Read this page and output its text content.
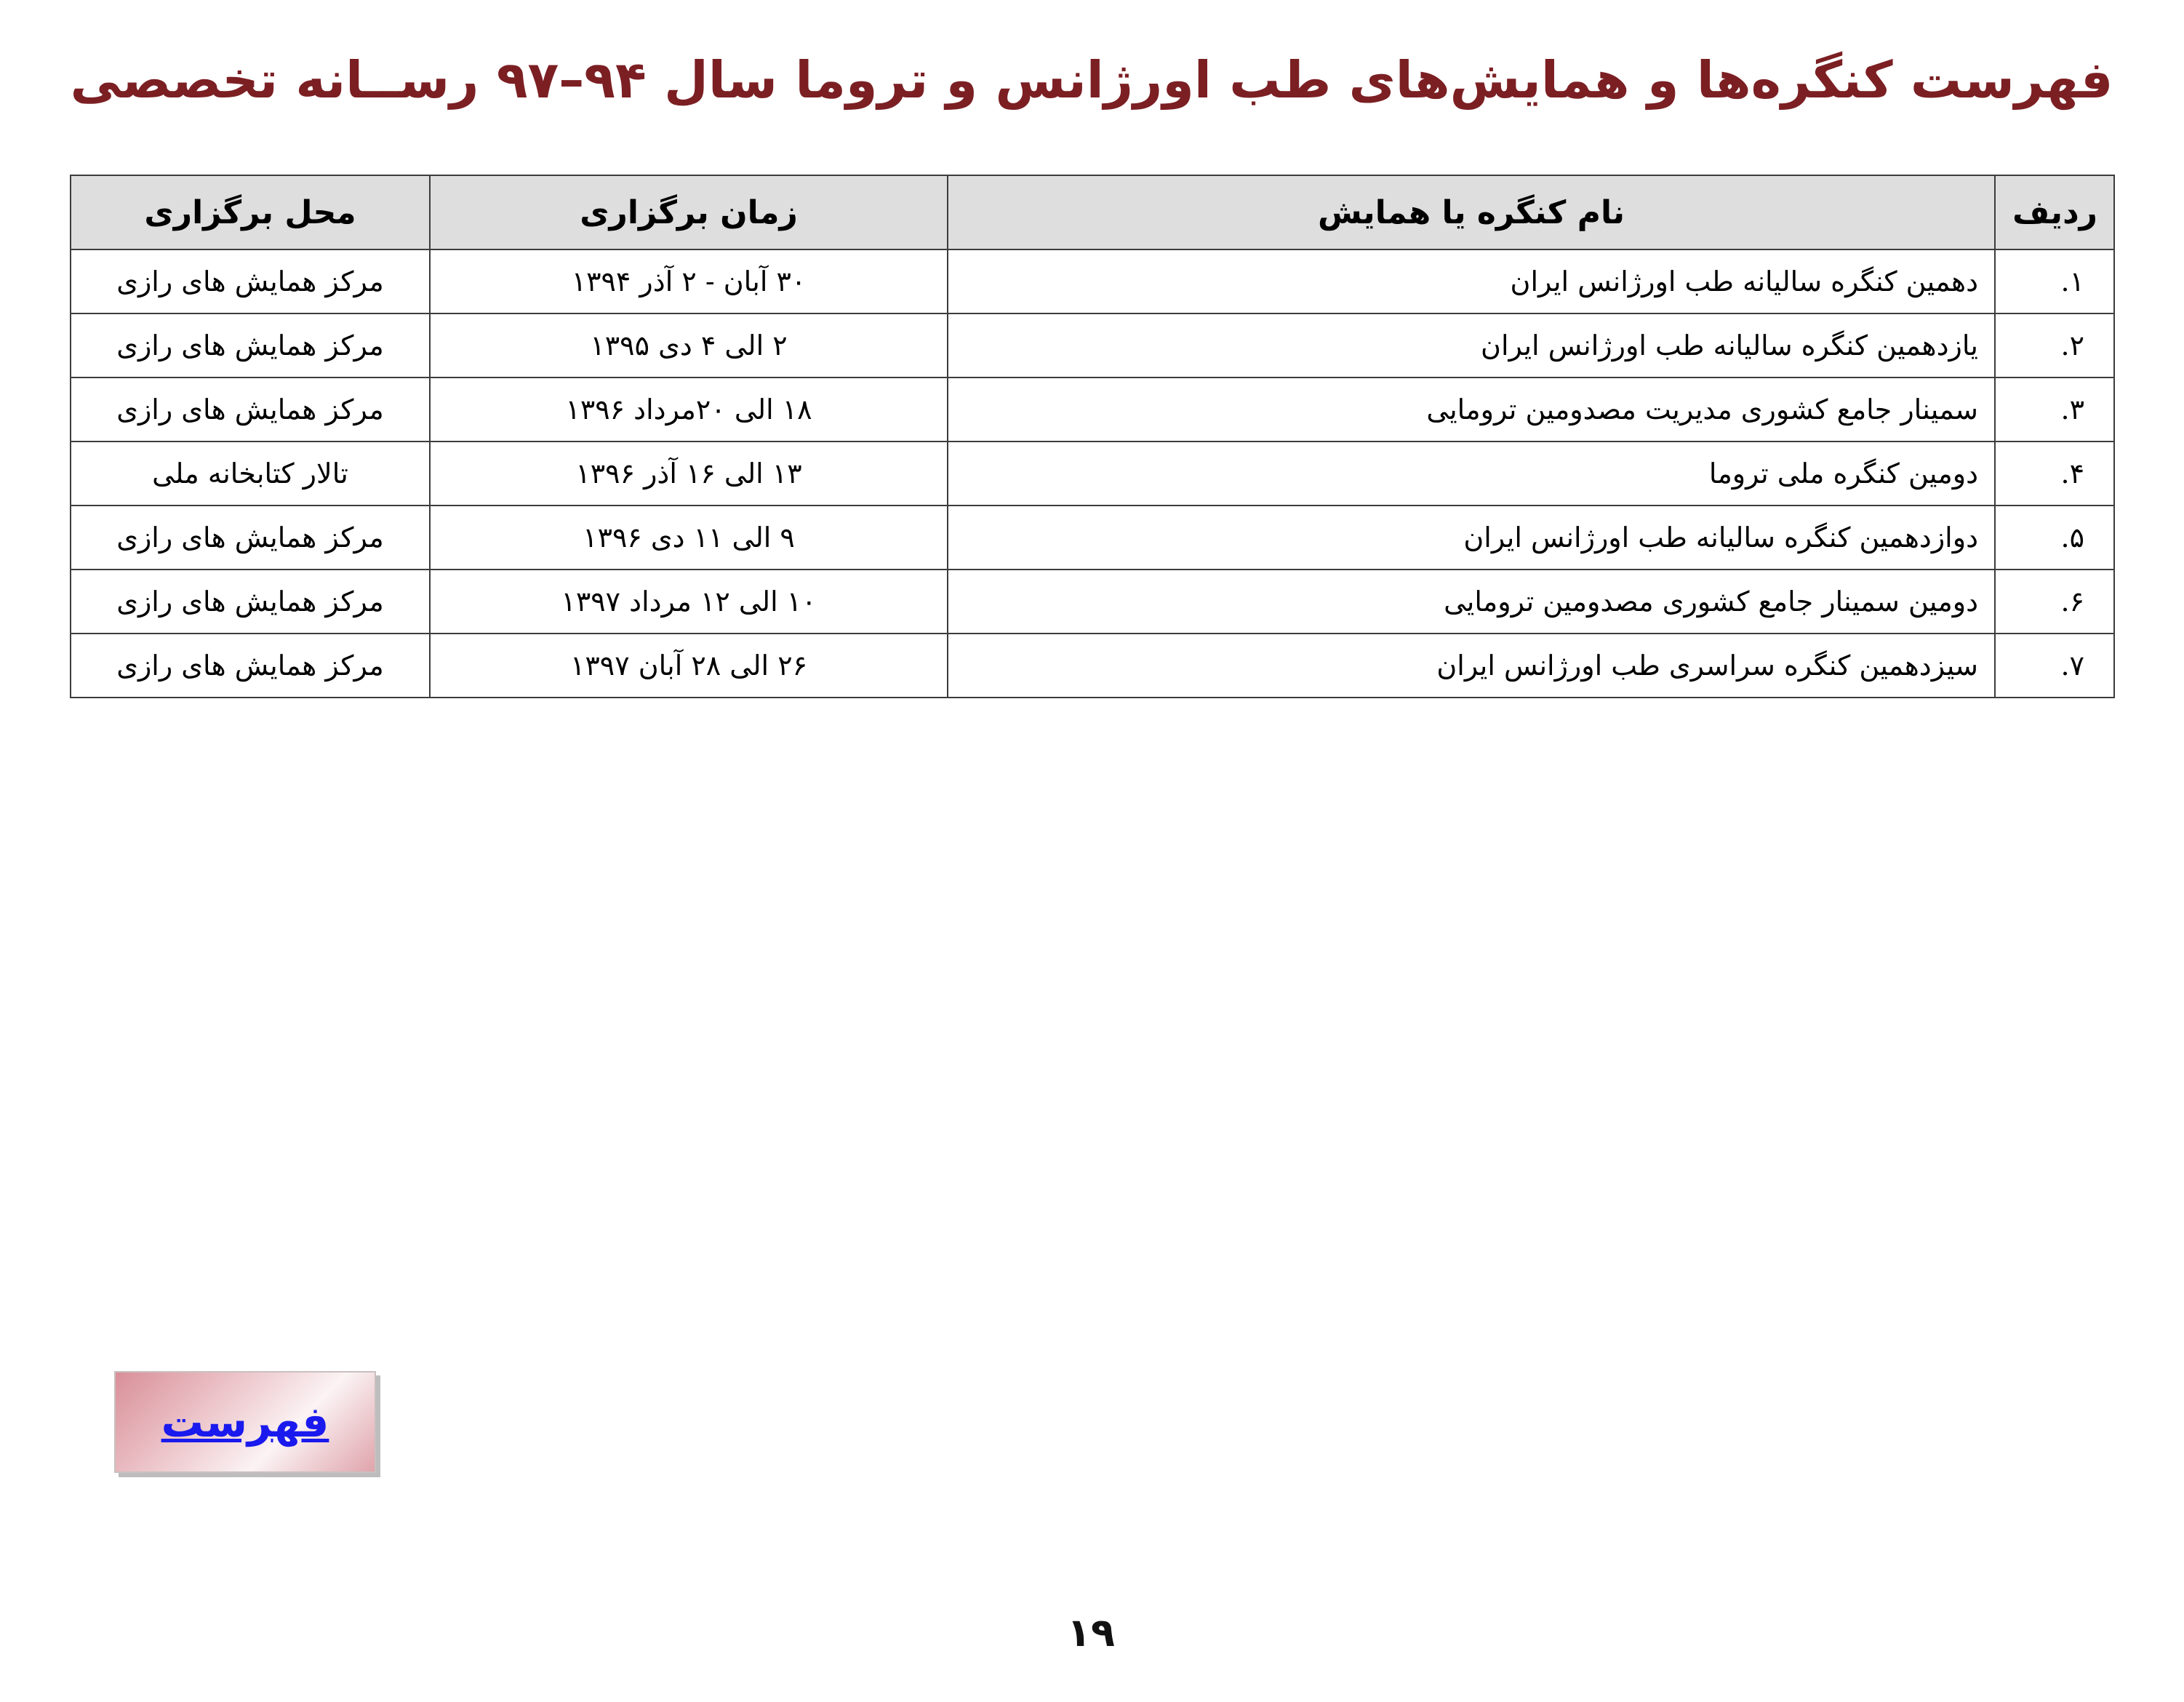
فهرست کنگره‌ها و همایش‌های طب اورژانس و تروما سال ۹۴–۹۷ رســانه تخصصی
ردیف	نام کنگره یا همایش	زمان برگزاری	محل برگزاری
۱.	دهمین کنگره سالیانه طب اورژانس ایران	۳۰ آبان - ۲ آذر ۱۳۹۴	مرکز همایش های رازی
۲.	یازدهمین کنگره سالیانه طب اورژانس ایران	۲ الی ۴ دی ۱۳۹۵	مرکز همایش های رازی
۳.	سمینار جامع کشوری مدیریت مصدومین ترومایی	۱۸ الی ۲۰مرداد ۱۳۹۶	مرکز همایش های رازی
۴.	دومین کنگره ملی تروما	۱۳ الی ۱۶ آذر ۱۳۹۶	تالار کتابخانه ملی
۵.	دوازدهمین کنگره سالیانه طب اورژانس ایران	۹ الی ۱۱ دی ۱۳۹۶	مرکز همایش های رازی
۶.	دومین سمینار جامع کشوری مصدومین ترومایی	۱۰ الی ۱۲ مرداد ۱۳۹۷	مرکز همایش های رازی
۷.	سیزدهمین کنگره سراسری طب اورژانس ایران	۲۶ الی ۲۸ آبان ۱۳۹۷	مرکز همایش های رازی
فهرست
۱۹
